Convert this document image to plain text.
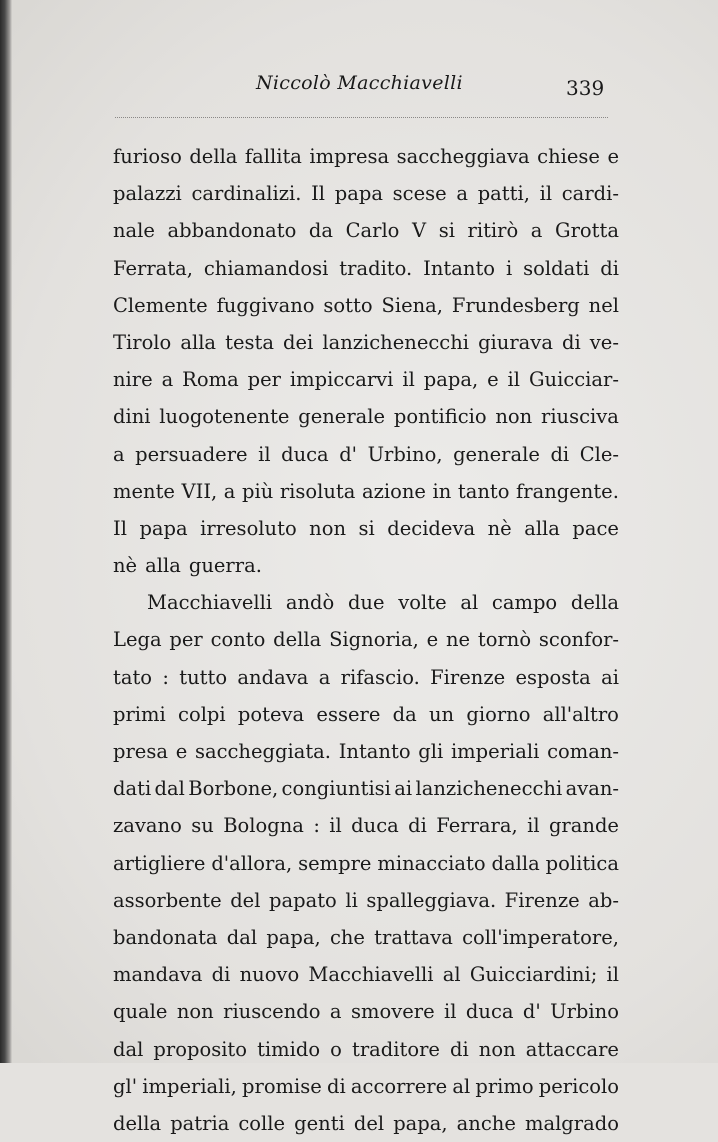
Niccolò Macchiavelli	339
furioso della fallita impresa saccheggiava chiese e
palazzi cardinalizi. Il papa scese a patti, il cardi-
nale abbandonato da Carlo V si ritirò a Grotta
Ferrata, chiamandosi tradito. Intanto i soldati di
Clemente fuggivano sotto Siena, Frundesberg nel
Tirolo alla testa dei lanzichenecchi giurava di ve-
nire a Roma per impiccarvi il papa, e il Guicciar-
dini luogotenente generale pontificio non riusciva
a persuadere il duca d' Urbino, generale di Cle-
mente VII, a più risoluta azione in tanto frangente.
Il papa irresoluto non si decideva nè alla pace
nè alla guerra.
Macchiavelli andò due volte al campo della
Lega per conto della Signoria, e ne tornò sconfor-
tato : tutto andava a rifascio. Firenze esposta ai
primi colpi poteva essere da un giorno all'altro
presa e saccheggiata. Intanto gli imperiali coman-
dati dal Borbone, congiuntisi ai lanzichenecchi avan-
zavano su Bologna : il duca di Ferrara, il grande
artigliere d'allora, sempre minacciato dalla politica
assorbente del papato li spalleggiava. Firenze ab-
bandonata dal papa, che trattava coll'imperatore,
mandava di nuovo Macchiavelli al Guicciardini; il
quale non riuscendo a smovere il duca d' Urbino
dal proposito timido o traditore di non attaccare
gl' imperiali, promise di accorrere al primo pericolo
della patria colle genti del papa, anche malgrado
